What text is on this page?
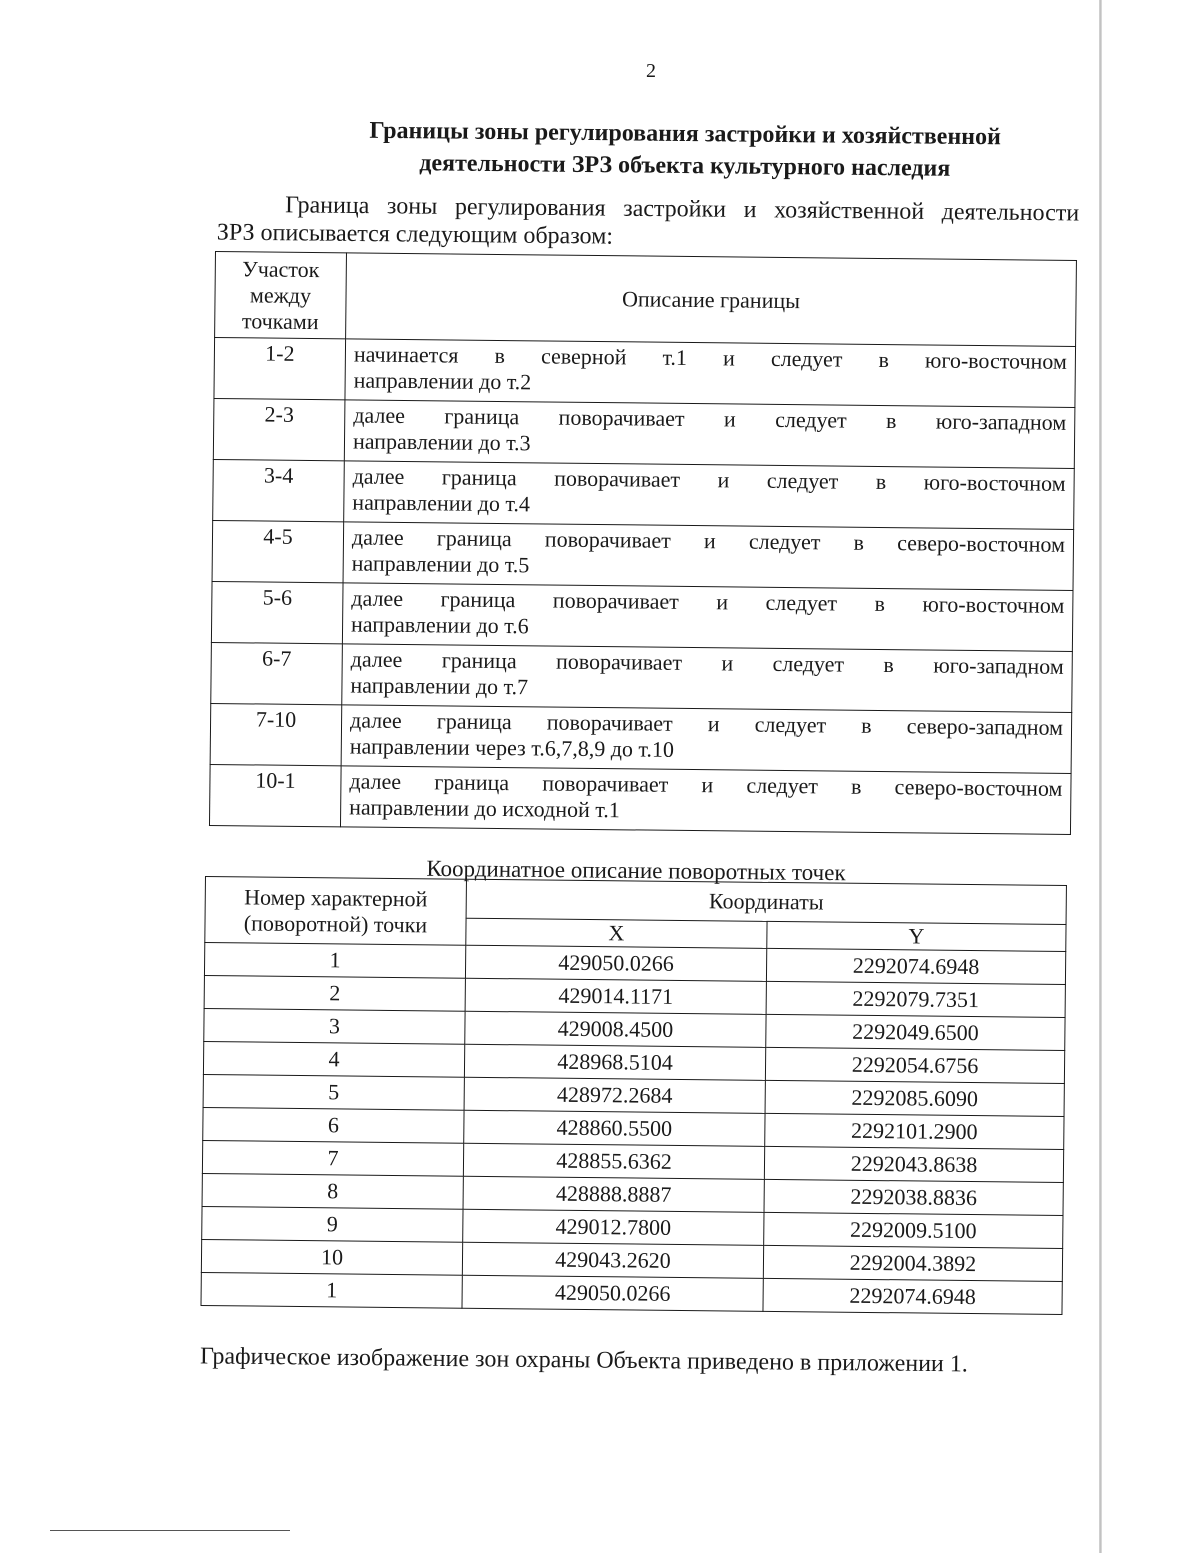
2
Границы зоны регулирования застройки и хозяйственной
деятельности ЗРЗ объекта культурного наследия
Граница зоны регулирования застройки и хозяйственной деятельности
ЗРЗ описывается следующим образом:
Участок
между
точками	Описание границы
1-2	начинается в северной т.1 и следует в юго-восточном
направлении до т.2
2-3	далее граница поворачивает и следует в юго-западном
направлении до т.3
3-4	далее граница поворачивает и следует в юго-восточном
направлении до т.4
4-5	далее граница поворачивает и следует в северо-восточном
направлении до т.5
5-6	далее граница поворачивает и следует в юго-восточном
направлении до т.6
6-7	далее граница поворачивает и следует в юго-западном
направлении до т.7
7-10	далее граница поворачивает и следует в северо-западном
направлении через т.6,7,8,9 до т.10
10-1	далее граница поворачивает и следует в северо-восточном
направлении до исходной т.1
Координатное описание поворотных точек
Номер характерной
(поворотной) точки	Координаты	
	X	Y
1	429050.0266	2292074.6948
2	429014.1171	2292079.7351
3	429008.4500	2292049.6500
4	428968.5104	2292054.6756
5	428972.2684	2292085.6090
6	428860.5500	2292101.2900
7	428855.6362	2292043.8638
8	428888.8887	2292038.8836
9	429012.7800	2292009.5100
10	429043.2620	2292004.3892
1	429050.0266	2292074.6948
Графическое изображение зон охраны Объекта приведено в приложении 1.
